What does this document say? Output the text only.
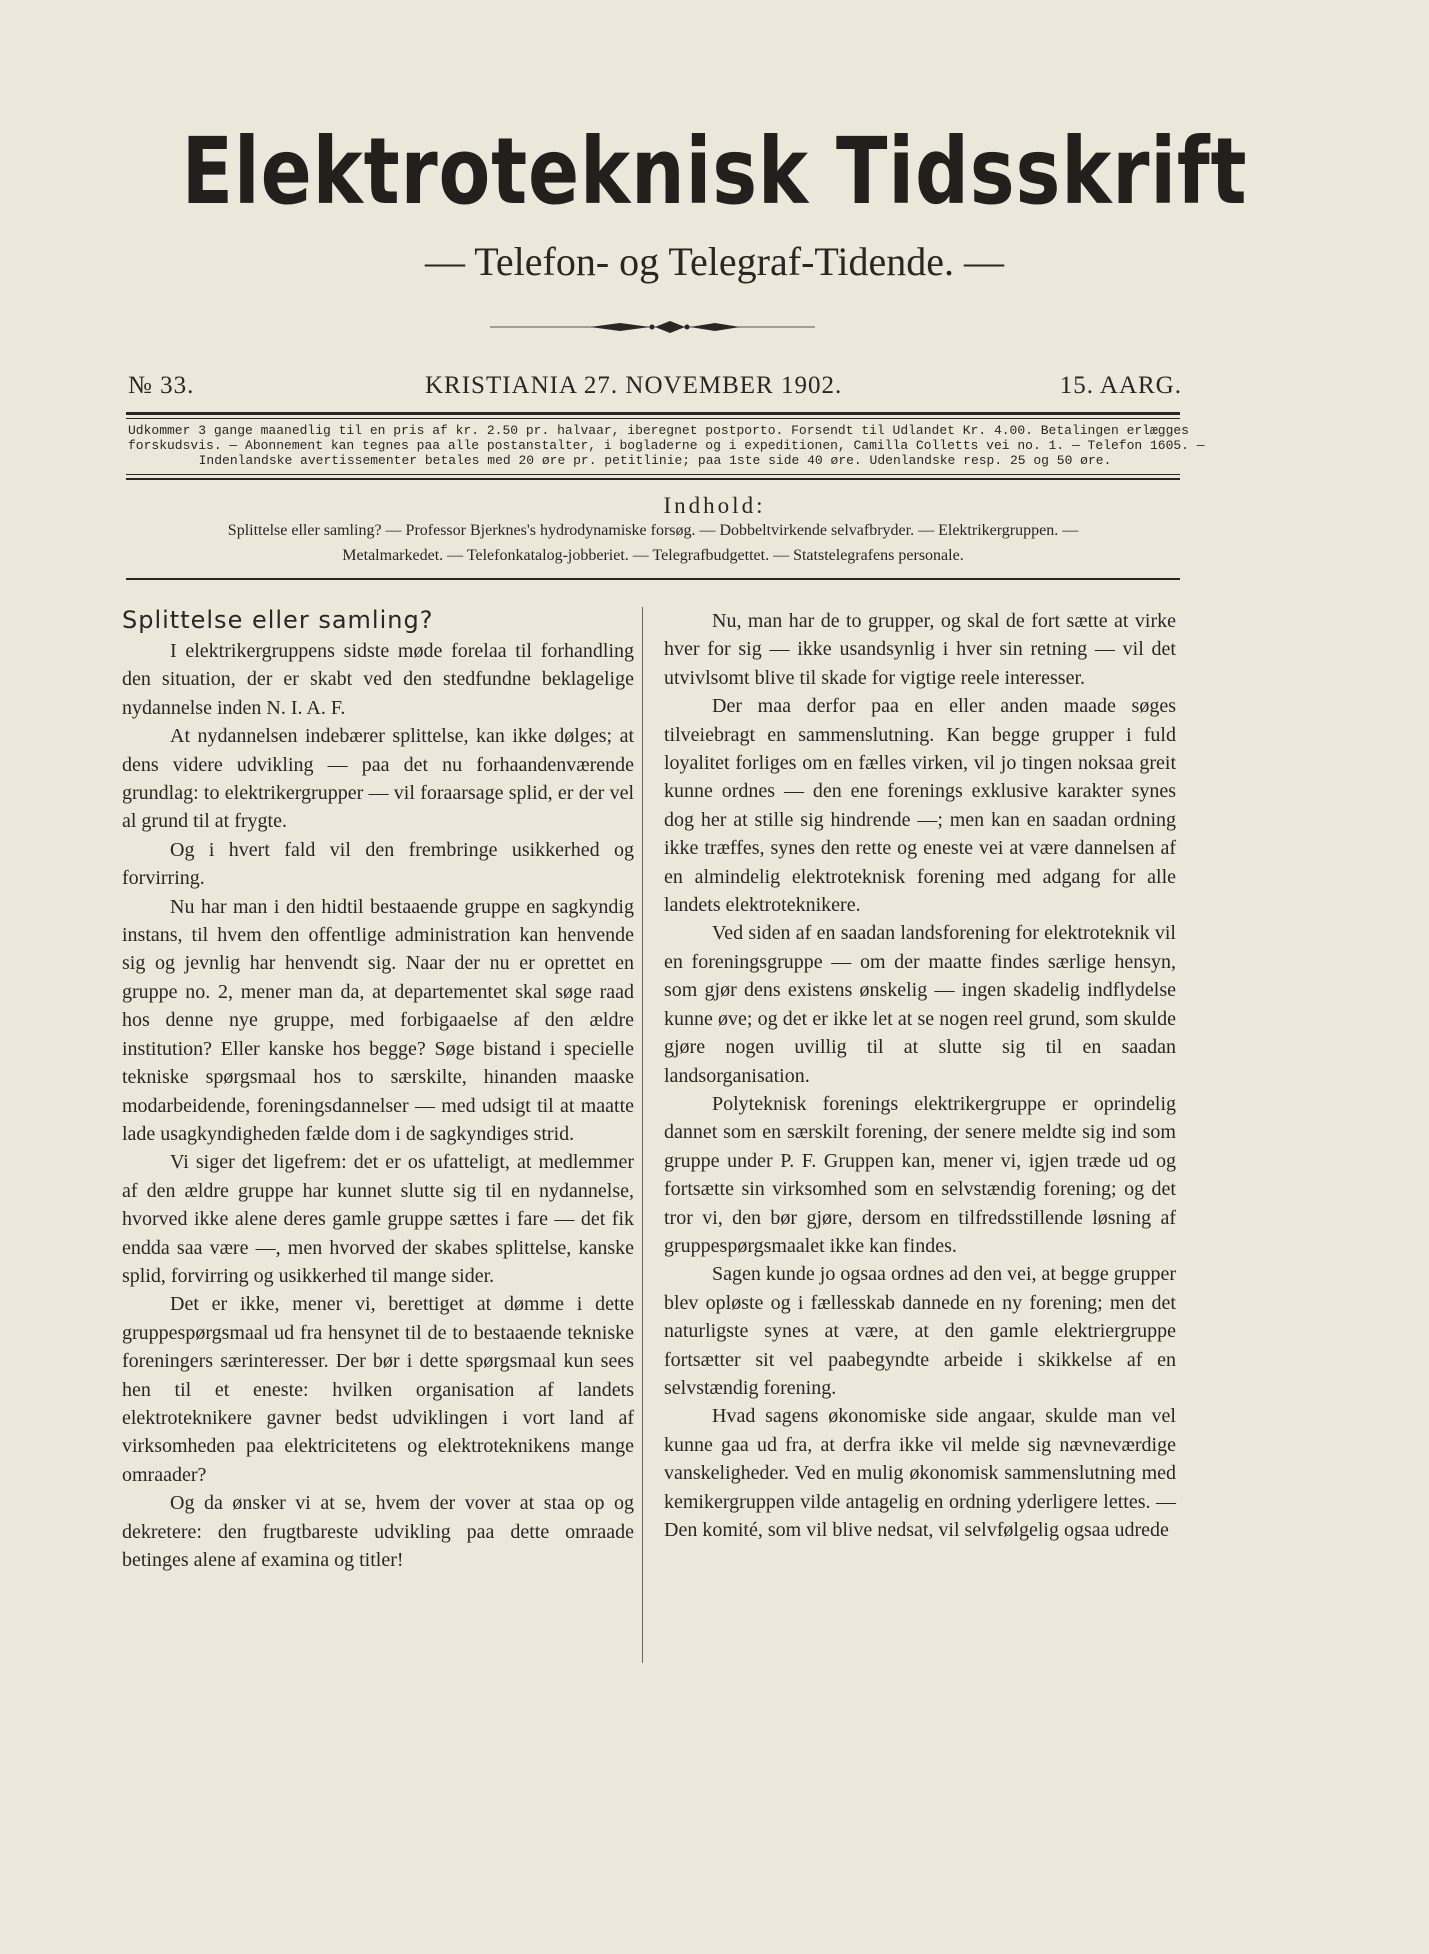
Elektroteknisk Tidsskrift
— Telefon- og Telegraf-Tidende. —
№ 33.	KRISTIANIA 27. NOVEMBER 1902.	15. AARG.
Udkommer 3 gange maanedlig til en pris af kr. 2.50 pr. halvaar, iberegnet postporto. Forsendt til Udlandet Kr. 4.00. Betalingen erlægges
forskudsvis. — Abonnement kan tegnes paa alle postanstalter, i bogladerne og i expeditionen, Camilla Colletts vei no. 1. — Telefon 1605. —
Indenlandske avertissementer betales med 20 øre pr. petitlinie; paa 1ste side 40 øre. Udenlandske resp. 25 og 50 øre.
Indhold:
Splittelse eller samling? — Professor Bjerknes's hydrodynamiske forsøg. — Dobbeltvirkende selvafbryder. — Elektrikergruppen. —
Metalmarkedet. — Telefonkatalog-jobberiet. — Telegrafbudgettet. — Statstelegrafens personale.
Splittelse eller samling?

I elektrikergruppens sidste møde forelaa til forhandling den situation, der er skabt ved den stedfundne beklagelige nydannelse inden N. I. A. F.

At nydannelsen indebærer splittelse, kan ikke dølges; at dens videre udvikling — paa det nu forhaandenværende grundlag: to elektrikergrupper — vil foraarsage splid, er der vel al grund til at frygte.

Og i hvert fald vil den frembringe usikkerhed og forvirring.

Nu har man i den hidtil bestaaende gruppe en sagkyndig instans, til hvem den offentlige administration kan henvende sig og jevnlig har henvendt sig. Naar der nu er oprettet en gruppe no. 2, mener man da, at departementet skal søge raad hos denne nye gruppe, med forbigaaelse af den ældre institution? Eller kanske hos begge? Søge bistand i specielle tekniske spørgsmaal hos to særskilte, hinanden maaske modarbeidende, foreningsdannelser — med udsigt til at maatte lade usagkyndigheden fælde dom i de sagkyndiges strid.

Vi siger det ligefrem: det er os ufatteligt, at medlemmer af den ældre gruppe har kunnet slutte sig til en nydannelse, hvorved ikke alene deres gamle gruppe sættes i fare — det fik endda saa være —, men hvorved der skabes splittelse, kanske splid, forvirring og usikkerhed til mange sider.

Det er ikke, mener vi, berettiget at dømme i dette gruppespørgsmaal ud fra hensynet til de to bestaaende tekniske foreningers særinteresser. Der bør i dette spørgsmaal kun sees hen til et eneste: hvilken organisation af landets elektroteknikere gavner bedst udviklingen i vort land af virksomheden paa elektricitetens og elektroteknikens mange omraader?

Og da ønsker vi at se, hvem der vover at staa op og dekretere: den frugtbareste udvikling paa dette omraade betinges alene af examina og titler!

Nu, man har de to grupper, og skal de fort sætte at virke hver for sig — ikke usandsynlig i hver sin retning — vil det utvivlsomt blive til skade for vigtige reele interesser.

Der maa derfor paa en eller anden maade søges tilveiebragt en sammenslutning. Kan begge grupper i fuld loyalitet forliges om en fælles virken, vil jo tingen noksaa greit kunne ordnes — den ene forenings exklusive karakter synes dog her at stille sig hindrende —; men kan en saadan ordning ikke træffes, synes den rette og eneste vei at være dannelsen af en almindelig elektroteknisk forening med adgang for alle landets elektroteknikere.

Ved siden af en saadan landsforening for elektroteknik vil en foreningsgruppe — om der maatte findes særlige hensyn, som gjør dens existens ønskelig — ingen skadelig indflydelse kunne øve; og det er ikke let at se nogen reel grund, som skulde gjøre nogen uvillig til at slutte sig til en saadan landsorganisation.

Polyteknisk forenings elektrikergruppe er oprindelig dannet som en særskilt forening, der senere meldte sig ind som gruppe under P. F. Gruppen kan, mener vi, igjen træde ud og fortsætte sin virksomhed som en selvstændig forening; og det tror vi, den bør gjøre, dersom en tilfredsstillende løsning af gruppespørgsmaalet ikke kan findes.

Sagen kunde jo ogsaa ordnes ad den vei, at begge grupper blev opløste og i fællesskab dannede en ny forening; men det naturligste synes at være, at den gamle elektriergruppe fortsætter sit vel paabegyndte arbeide i skikkelse af en selvstændig forening.

Hvad sagens økonomiske side angaar, skulde man vel kunne gaa ud fra, at derfra ikke vil melde sig nævneværdige vanskeligheder. Ved en mulig økonomisk sammenslutning med kemikergruppen vilde antagelig en ordning yderligere lettes. — Den komité, som vil blive nedsat, vil selvfølgelig ogsaa udrede
